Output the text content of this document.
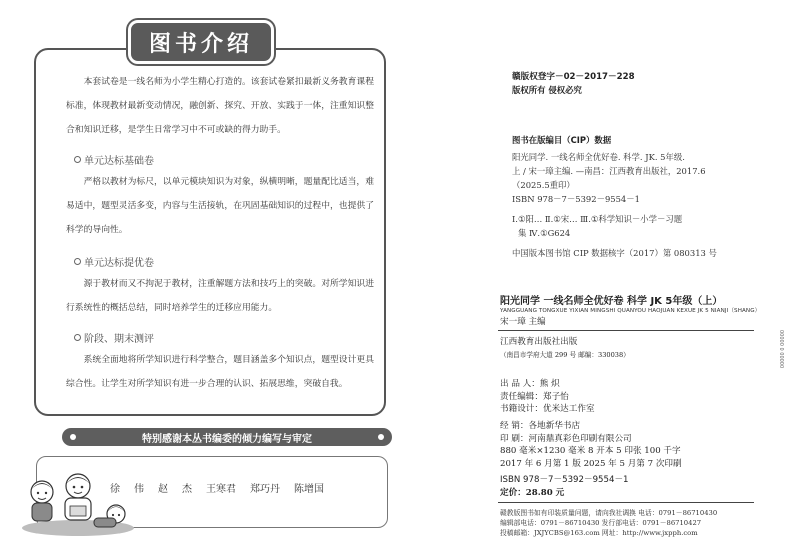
图书介绍

本套试卷是一线名师为小学生精心打造的。该套试卷紧扣最新义务教育课程标准，体现教材最新变动情况，融创新、探究、开放、实践于一体，注重知识整合和知识迁移，是学生日常学习中不可或缺的得力助手。

单元达标基础卷

严格以教材为标尺，以单元模块知识为对象，纵横明晰，题量配比适当，难易适中，题型灵活多变，内容与生活接轨，在巩固基础知识的过程中，也提供了科学的导向性。

单元达标提优卷

源于教材而又不拘泥于教材，注重解题方法和技巧上的突破。对所学知识进行系统性的概括总结，同时培养学生的迁移应用能力。

阶段、期末测评

系统全面地将所学知识进行科学整合，题目涵盖多个知识点，题型设计更具综合性。让学生对所学知识有进一步合理的认识、拓展思维，突破自我。

特别感谢本丛书编委的倾力编写与审定
徐 伟 赵 杰 王寒君 郑巧丹 陈增国
赣版权登字－02－2017－228
版权所有 侵权必究
图书在版编目（CIP）数据
阳光同学. 一线名师全优好卷. 科学. JK. 5年级.
上 / 宋一璋主编. —南昌：江西教育出版社，2017.6
（2025.5重印）
ISBN 978－7－5392－9554－1
Ⅰ.①阳… Ⅱ.①宋… Ⅲ.①科学知识－小学－习题
集 Ⅳ.①G624
中国版本图书馆 CIP 数据核字（2017）第 080313 号
阳光同学 一线名师全优好卷 科学 JK 5年级（上）
YANGGUANG TONGXUE YIXIAN MINGSHI QUANYOU HAOJUAN KEXUE JK 5 NIANJI（SHANG）
宋一璋 主编
江西教育出版社出版
（南昌市学府大道 299 号 邮编：330038）
出 品 人：熊 炽
责任编辑：郑子怡
书籍设计：优米达工作室
经 销：各地新华书店
印 刷：河南鼎真彩色印刷有限公司
880 毫米×1230 毫米 8 开本 5 印张 100 千字
2017 年 6 月第 1 版 2025 年 5 月第 7 次印刷
ISBN 978－7－5392－9554－1
定价：28.80 元
赣教版图书如有印装质量问题，请向我社调换 电话：0791－86710430
编辑部电话：0791－86710430 发行部电话：0791－86710427
投稿邮箱：JXJYCBS@163.com 网址：http://www.jxpph.com
00000 0 00000
